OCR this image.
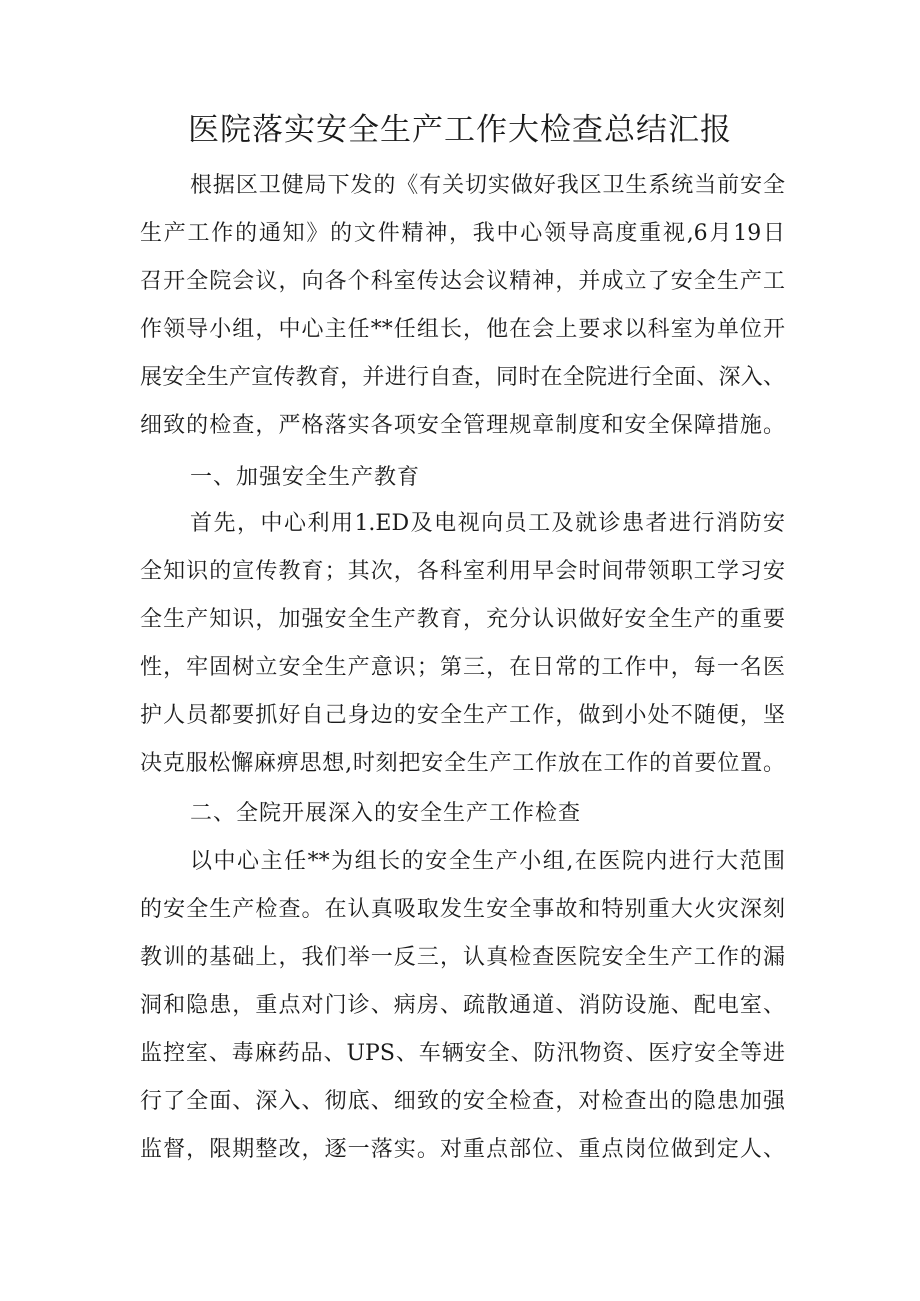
医院落实安全生产工作大检查总结汇报
根据区卫健局下发的《有关切实做好我区卫生系统当前安全
生产工作的通知》的文件精神，我中心领导高度重视,6月19日
召开全院会议，向各个科室传达会议精神，并成立了安全生产工
作领导小组，中心主任**任组长，他在会上要求以科室为单位开
展安全生产宣传教育，并进行自查，同时在全院进行全面、深入、
细致的检查，严格落实各项安全管理规章制度和安全保障措施。
一、加强安全生产教育
首先，中心利用1.ED及电视向员工及就诊患者进行消防安
全知识的宣传教育；其次，各科室利用早会时间带领职工学习安
全生产知识，加强安全生产教育，充分认识做好安全生产的重要
性，牢固树立安全生产意识；第三，在日常的工作中，每一名医
护人员都要抓好自己身边的安全生产工作，做到小处不随便，坚
决克服松懈麻痹思想,时刻把安全生产工作放在工作的首要位置。
二、全院开展深入的安全生产工作检查
以中心主任**为组长的安全生产小组,在医院内进行大范围
的安全生产检查。在认真吸取发生安全事故和特别重大火灾深刻
教训的基础上，我们举一反三，认真检查医院安全生产工作的漏
洞和隐患，重点对门诊、病房、疏散通道、消防设施、配电室、
监控室、毒麻药品、UPS、车辆安全、防汛物资、医疗安全等进
行了全面、深入、彻底、细致的安全检查，对检查出的隐患加强
监督，限期整改，逐一落实。对重点部位、重点岗位做到定人、
